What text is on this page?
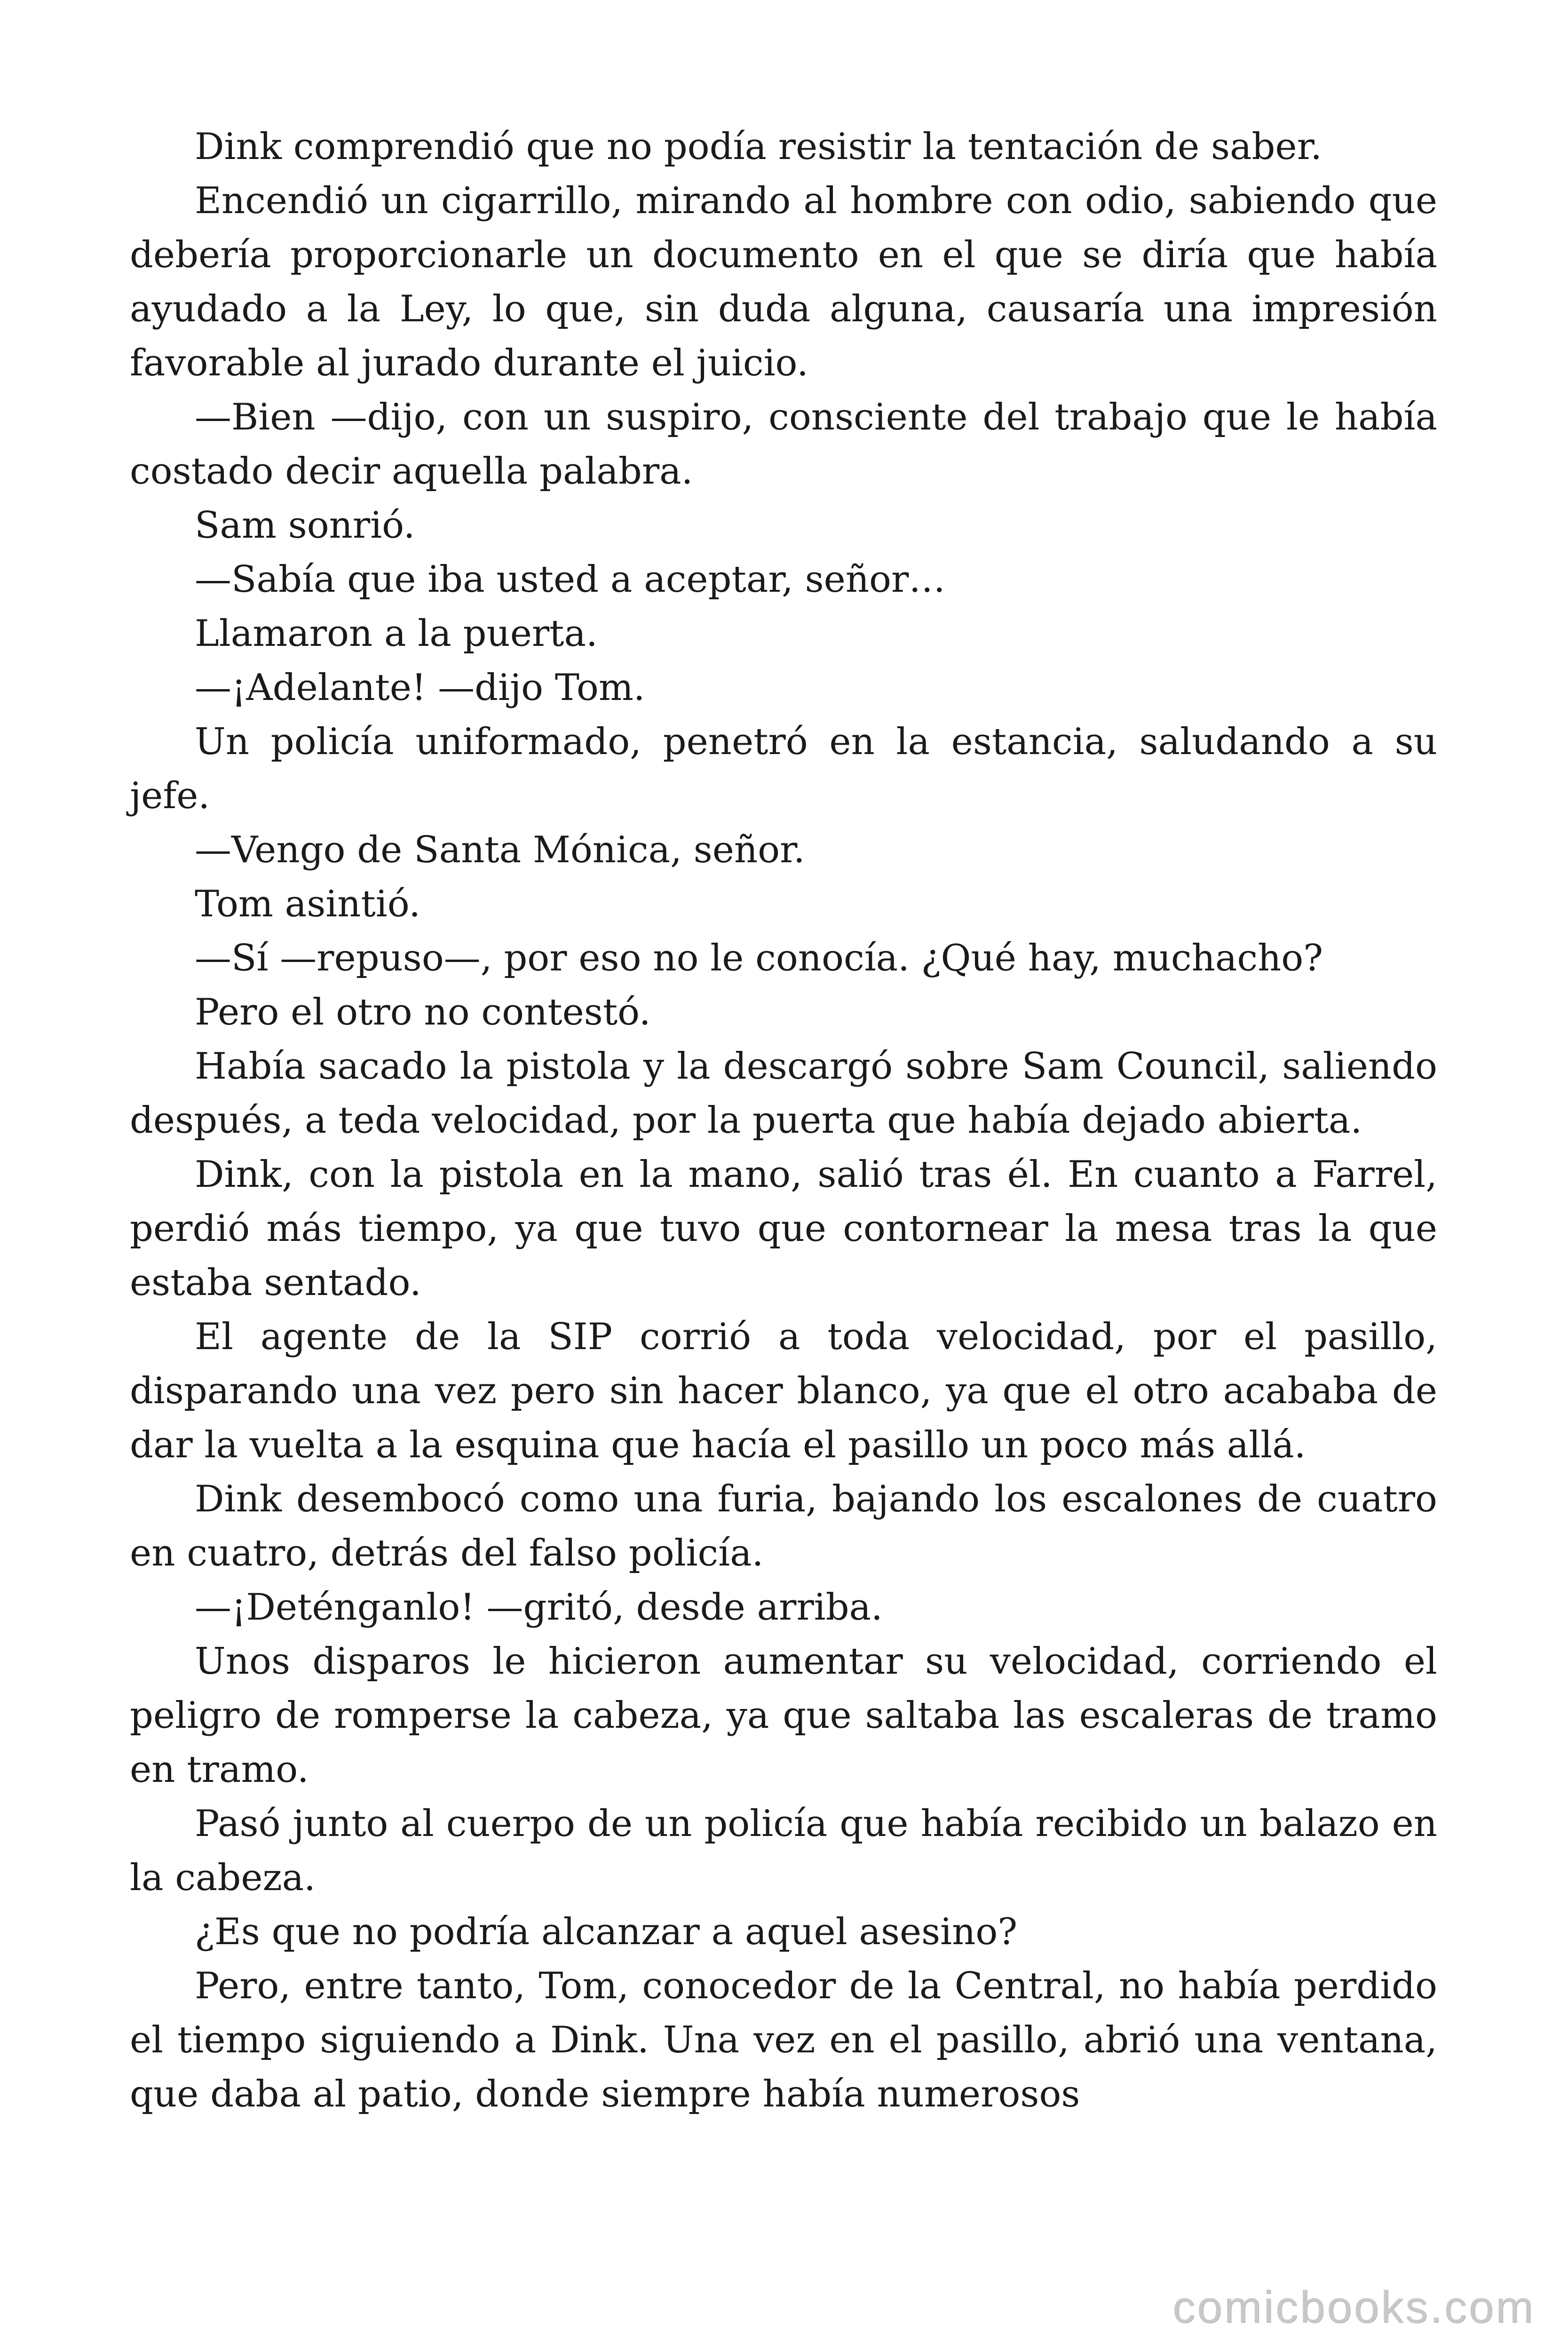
Dink comprendió que no podía resistir la tentación de saber.

Encendió un cigarrillo, mirando al hombre con odio, sabiendo que debería proporcionarle un documento en el que se diría que había ayudado a la Ley, lo que, sin duda alguna, causaría una impresión favorable al jurado durante el juicio.

—Bien —dijo, con un suspiro, consciente del trabajo que le había costado decir aquella palabra.

Sam sonrió.

—Sabía que iba usted a aceptar, señor…

Llamaron a la puerta.

—¡Adelante! —dijo Tom.

Un policía uniformado, penetró en la estancia, saludando a su jefe.

—Vengo de Santa Mónica, señor.

Tom asintió.

—Sí —repuso—, por eso no le conocía. ¿Qué hay, muchacho?

Pero el otro no contestó.

Había sacado la pistola y la descargó sobre Sam Council, saliendo después, a teda velocidad, por la puerta que había dejado abierta.

Dink, con la pistola en la mano, salió tras él. En cuanto a Farrel, perdió más tiempo, ya que tuvo que contornear la mesa tras la que estaba sentado.

El agente de la SIP corrió a toda velocidad, por el pasillo, disparando una vez pero sin hacer blanco, ya que el otro acababa de dar la vuelta a la esquina que hacía el pasillo un poco más allá.

Dink desembocó como una furia, bajando los escalones de cuatro en cuatro, detrás del falso policía.

—¡Deténganlo! —gritó, desde arriba.

Unos disparos le hicieron aumentar su velocidad, corriendo el peligro de romperse la cabeza, ya que saltaba las escaleras de tramo en tramo.

Pasó junto al cuerpo de un policía que había recibido un balazo en la cabeza.

¿Es que no podría alcanzar a aquel asesino?

Pero, entre tanto, Tom, conocedor de la Central, no había perdido el tiempo siguiendo a Dink. Una vez en el pasillo, abrió una ventana, que daba al patio, donde siempre había numerosos

comicbooks.com
